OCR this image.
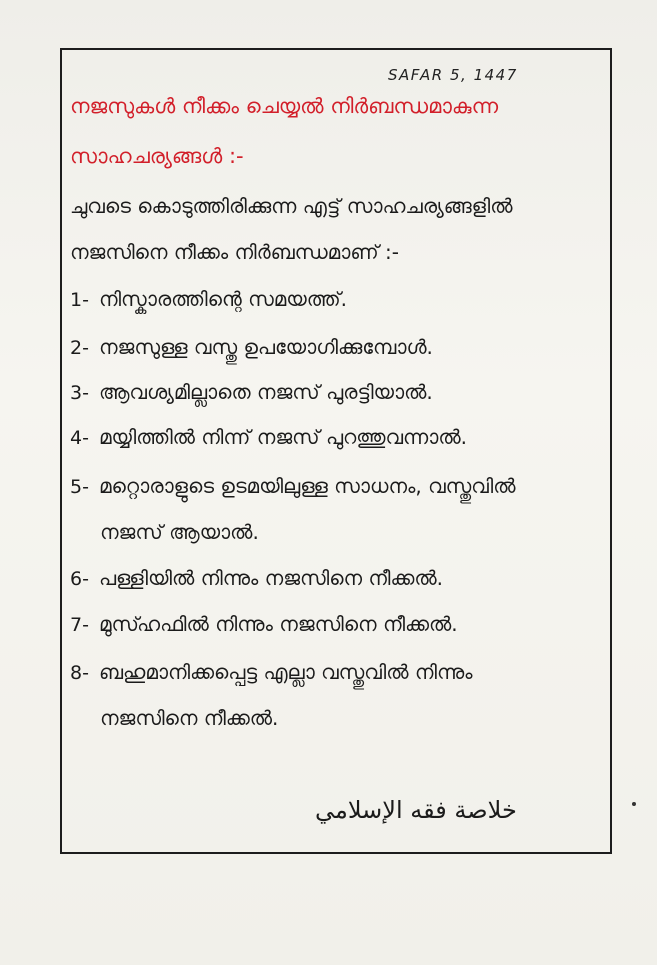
SAFAR 5, 1447
നജസുകൾ നീക്കം ചെയ്യൽ നിർബന്ധമാകുന്ന
സാഹചര്യങ്ങൾ :-
ചുവടെ കൊടുത്തിരിക്കുന്ന എട്ട് സാഹചര്യങ്ങളിൽ
നജസിനെ നീക്കം നിർബന്ധമാണ് :-
1- നിസ്കാരത്തിന്റെ സമയത്ത്.
2- നജസുള്ള വസ്തു ഉപയോഗിക്കുമ്പോൾ.
3- ആവശ്യമില്ലാതെ നജസ് പുരട്ടിയാൽ.
4- മയ്യിത്തിൽ നിന്ന് നജസ് പുറത്തുവന്നാൽ.
5- മറ്റൊരാളുടെ ഉടമയിലുള്ള സാധനം, വസ്തുവിൽ
നജസ് ആയാൽ.
6- പള്ളിയിൽ നിന്നും നജസിനെ നീക്കൽ.
7- മുസ്ഹഫിൽ നിന്നും നജസിനെ നീക്കൽ.
8- ബഹുമാനിക്കപ്പെട്ട എല്ലാ വസ്തുവിൽ നിന്നും
നജസിനെ നീക്കൽ.
خلاصة فقه الإسلامي
